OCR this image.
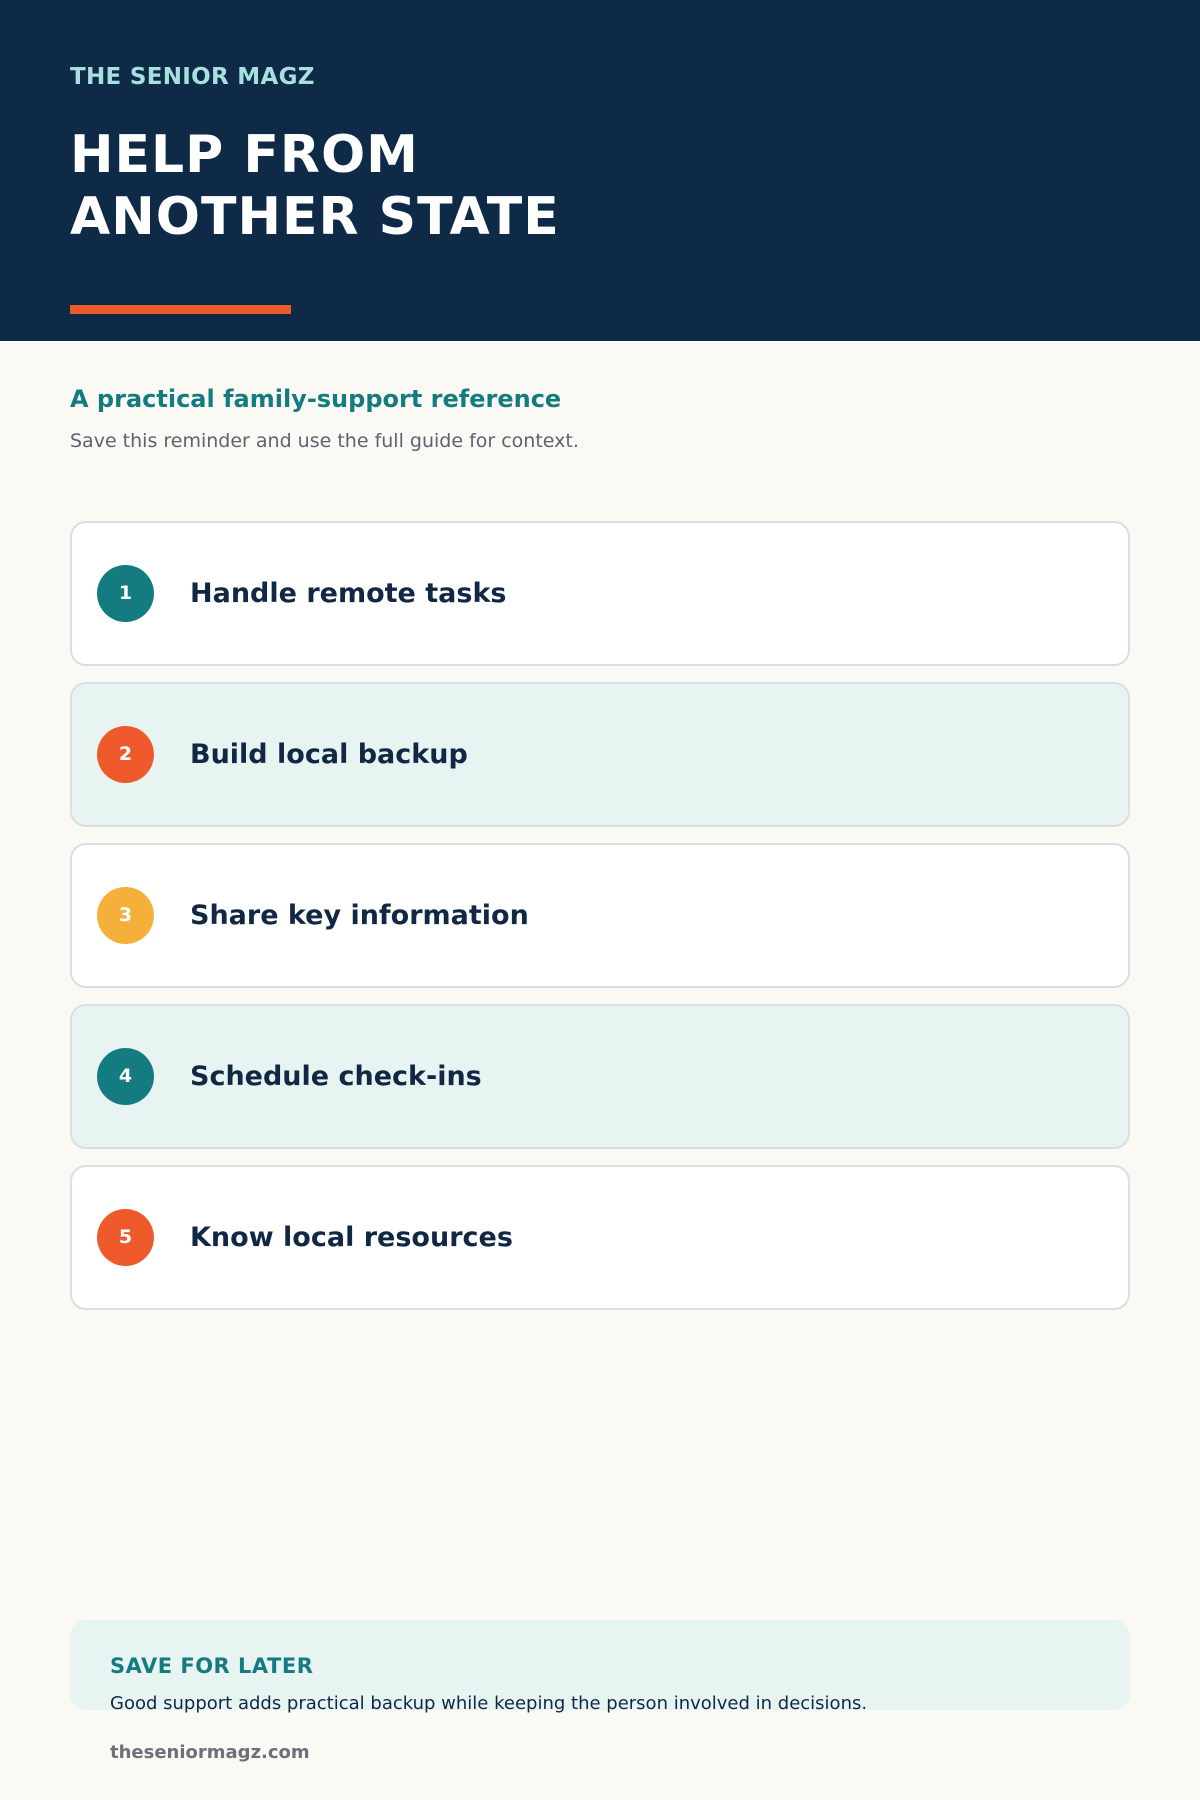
THE SENIOR MAGZ
HELP FROM
ANOTHER STATE
A practical family-support reference
Save this reminder and use the full guide for context.
1	Handle remote tasks
2	Build local backup
3	Share key information
4	Schedule check-ins
5	Know local resources
SAVE FOR LATER
Good support adds practical backup while keeping the person involved in decisions.
theseniormagz.com
